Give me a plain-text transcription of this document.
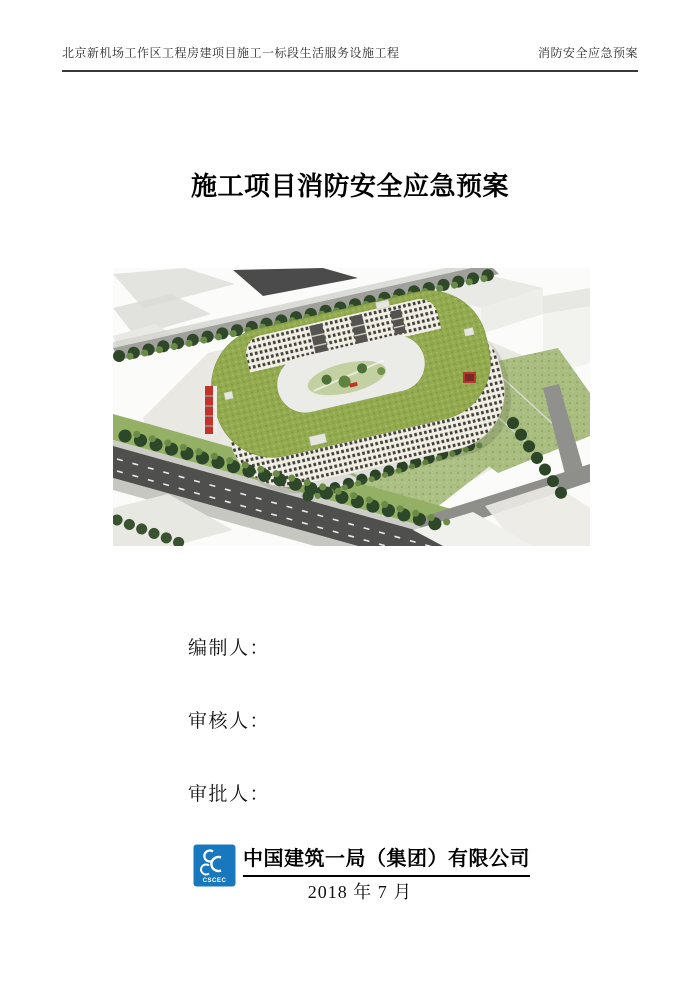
北京新机场工作区工程房建项目施工一标段生活服务设施工程	消防安全应急预案
施工项目消防安全应急预案
编制人：
审核人：
审批人：
CSCEC
中国建筑一局（集团）有限公司
2018 年 7 月
